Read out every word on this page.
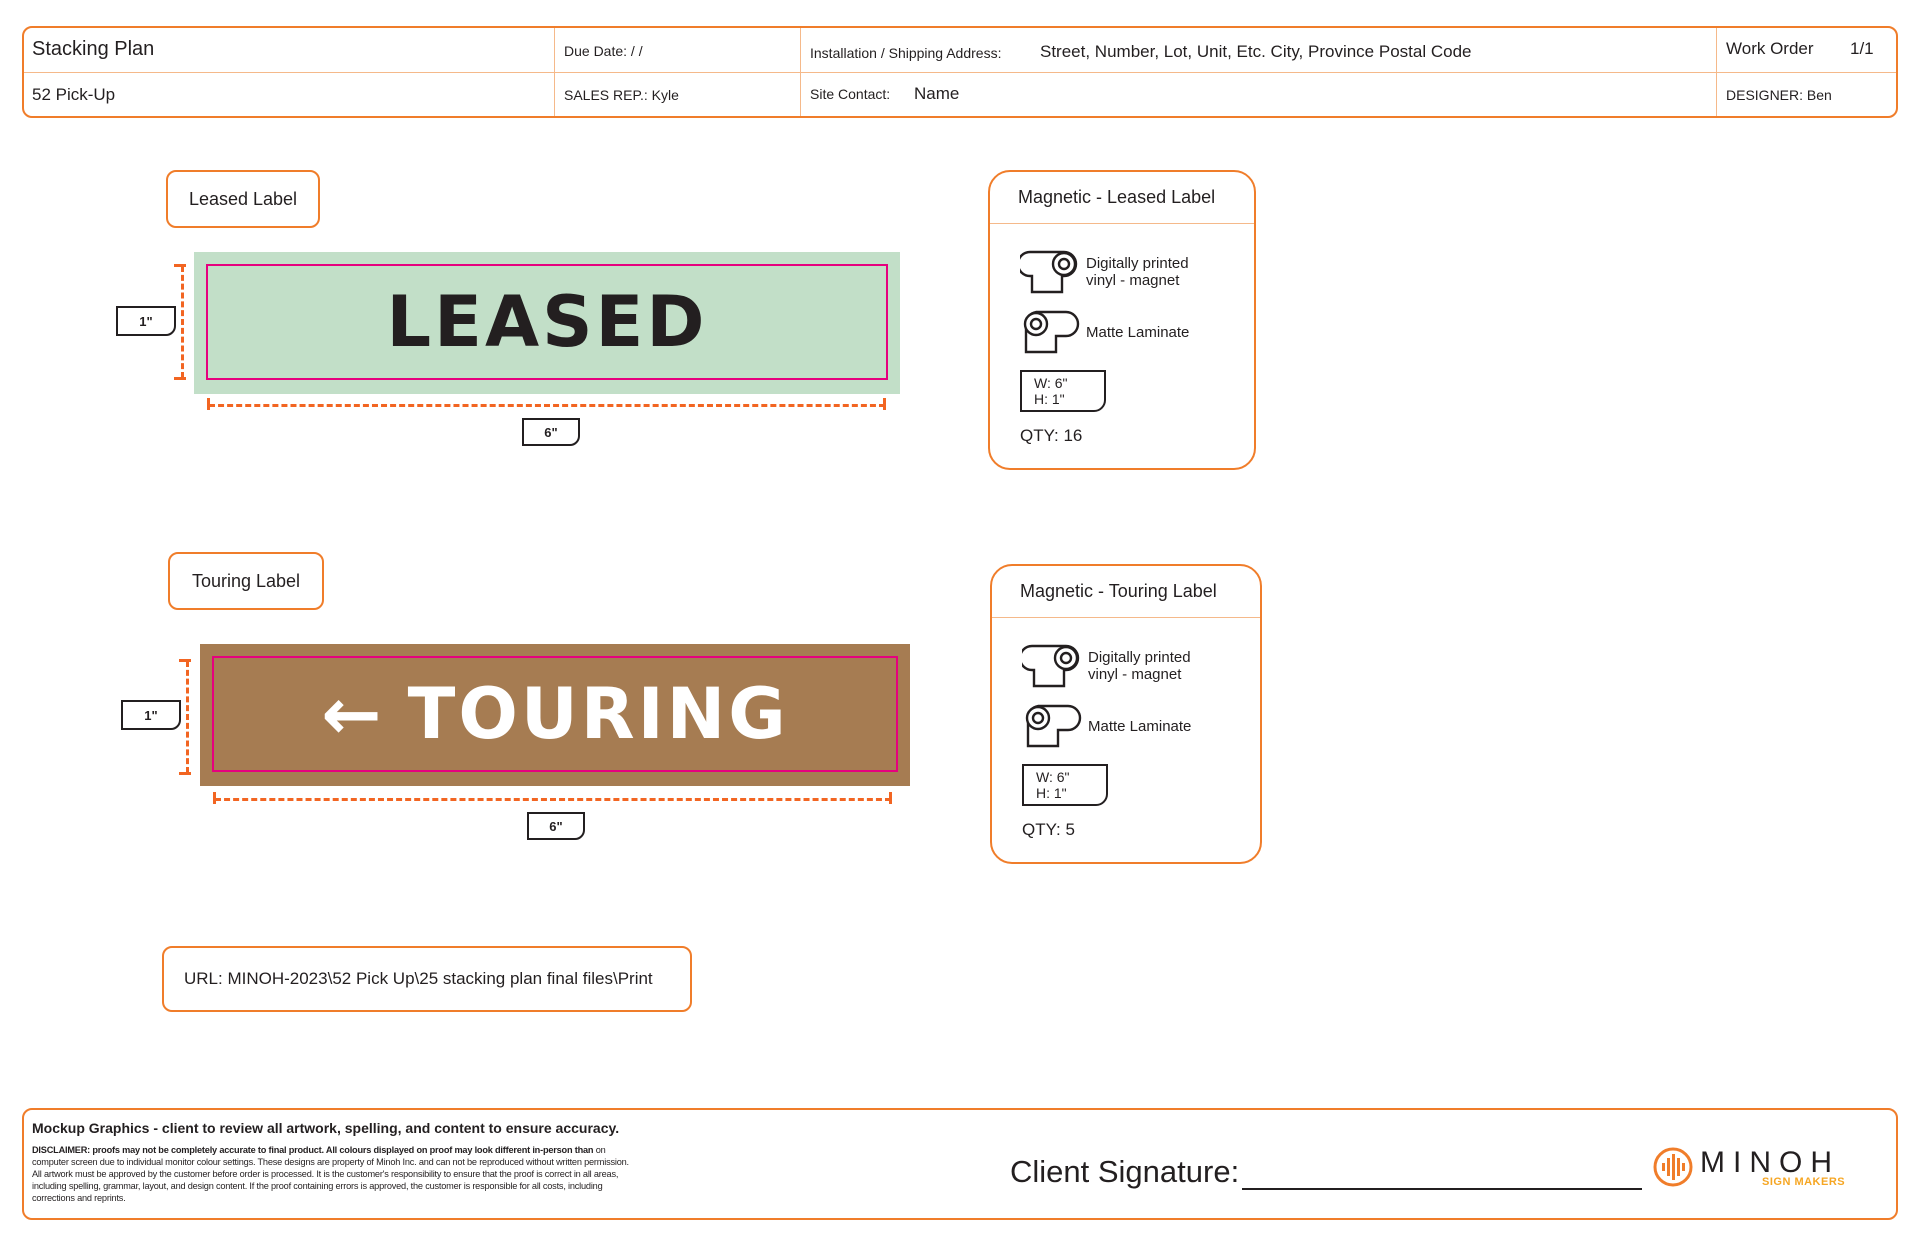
Stacking Plan
52 Pick-Up
Due Date: / /
SALES REP.: Kyle
Installation / Shipping Address: Street, Number, Lot, Unit, Etc. City, Province Postal Code
Site Contact: Name
Work Order 1/1
DESIGNER: Ben
Leased Label
LEASED
1"
6"
Magnetic - Leased Label
Digitally printed
vinyl - magnet
Matte Laminate
W: 6"
H: 1"
QTY: 16
Touring Label
← TOURING
1"
6"
Magnetic - Touring Label
Digitally printed
vinyl - magnet
Matte Laminate
W: 6"
H: 1"
QTY: 5
URL: MINOH-2023\52 Pick Up\25 stacking plan final files\Print
Mockup Graphics - client to review all artwork, spelling, and content to ensure accuracy.
DISCLAIMER: proofs may not be completely accurate to final product. All colours displayed on proof may look different in-person than on computer screen due to individual monitor colour settings. These designs are property of Minoh Inc. and can not be reproduced without written permission. All artwork must be approved by the customer before order is processed. It is the customer's responsibility to ensure that the proof is correct in all areas, including spelling, grammar, layout, and design content. If the proof containing errors is approved, the customer is responsible for all costs, including corrections and reprints.
Client Signature:	MINOH
SIGN MAKERS
